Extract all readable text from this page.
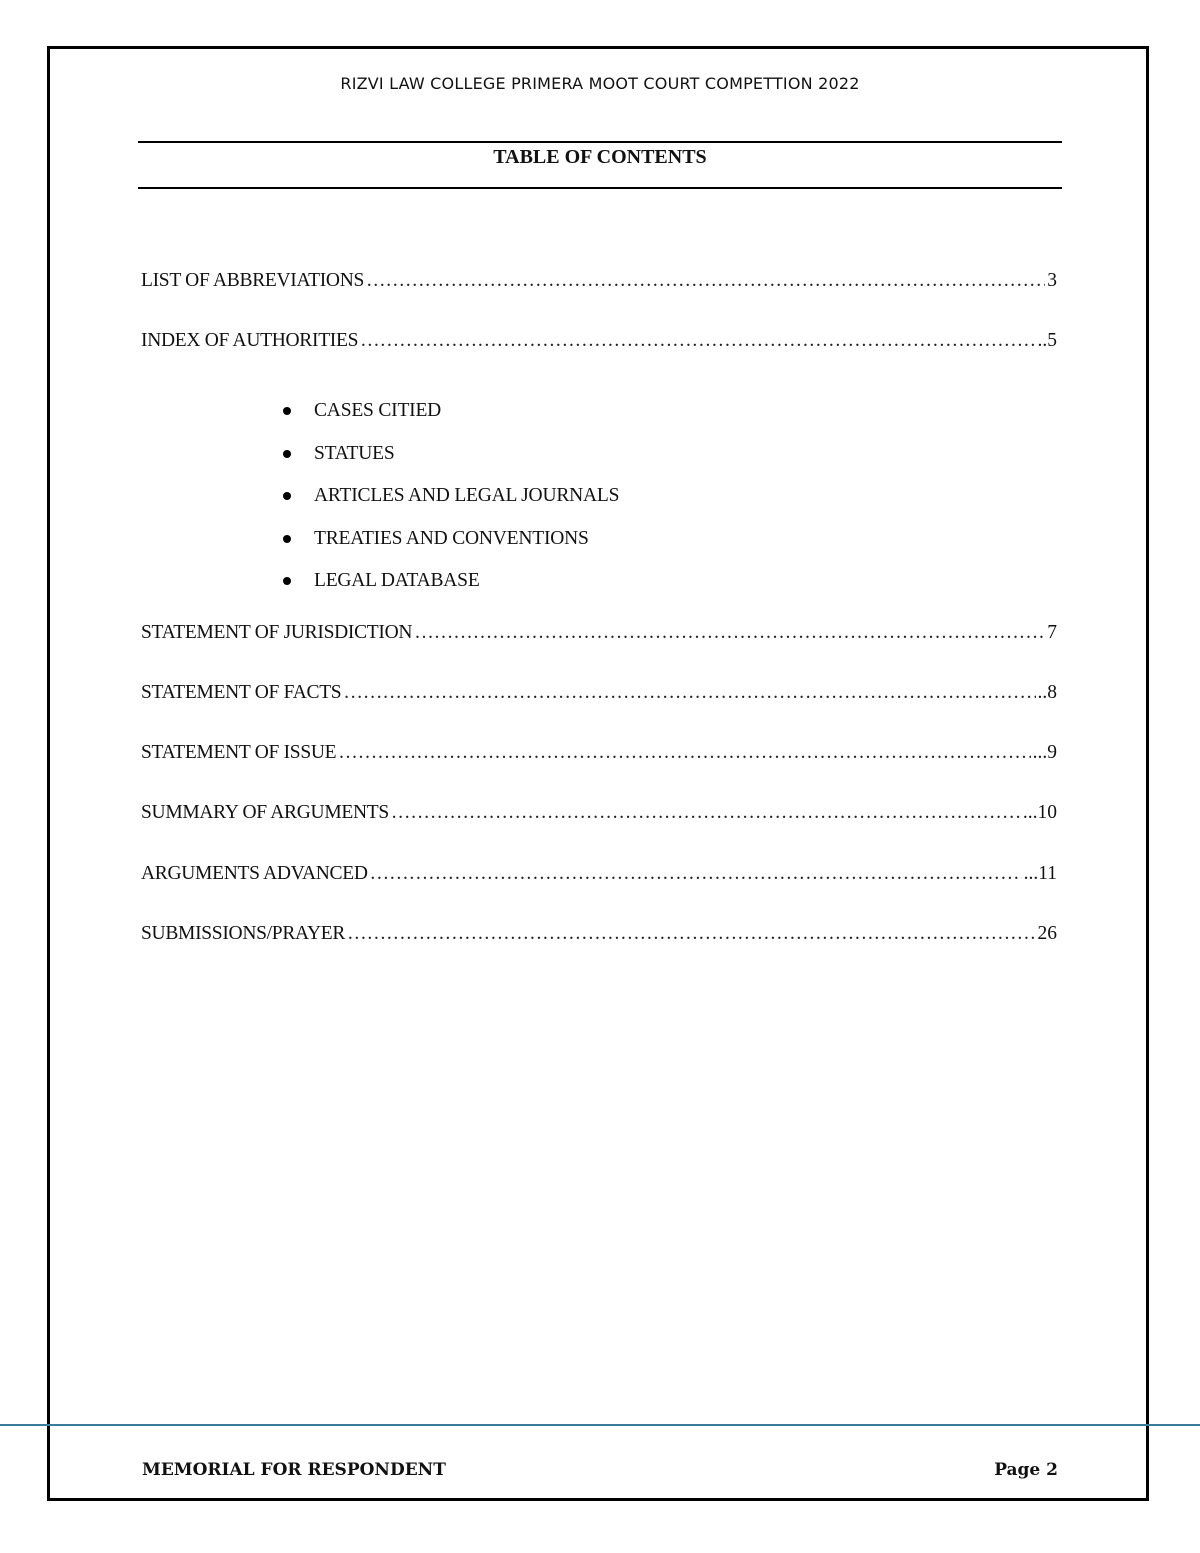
RIZVI LAW COLLEGE PRIMERA MOOT COURT COMPETTION 2022
TABLE OF CONTENTS
LIST OF ABBREVIATIONS ……………………………………………………………………………………………………………………………………………………………………………………	3
INDEX OF AUTHORITIES ……………………………………………………………………………………………………………………………………………………………………………………	..5
CASES CITIED
STATUES
ARTICLES AND LEGAL JOURNALS
TREATIES AND CONVENTIONS
LEGAL DATABASE
STATEMENT OF JURISDICTION ……………………………………………………………………………………………………………………………………………………………………………………	7
STATEMENT OF FACTS ……………………………………………………………………………………………………………………………………………………………………………………	..8
STATEMENT OF ISSUE ……………………………………………………………………………………………………………………………………………………………………………………	...9
SUMMARY OF ARGUMENTS ……………………………………………………………………………………………………………………………………………………………………………………	...10
ARGUMENTS ADVANCED ……………………………………………………………………………………………………………………………………………………………………………………	...11
SUBMISSIONS/PRAYER ……………………………………………………………………………………………………………………………………………………………………………………	26
MEMORIAL FOR RESPONDENT	Page 2
